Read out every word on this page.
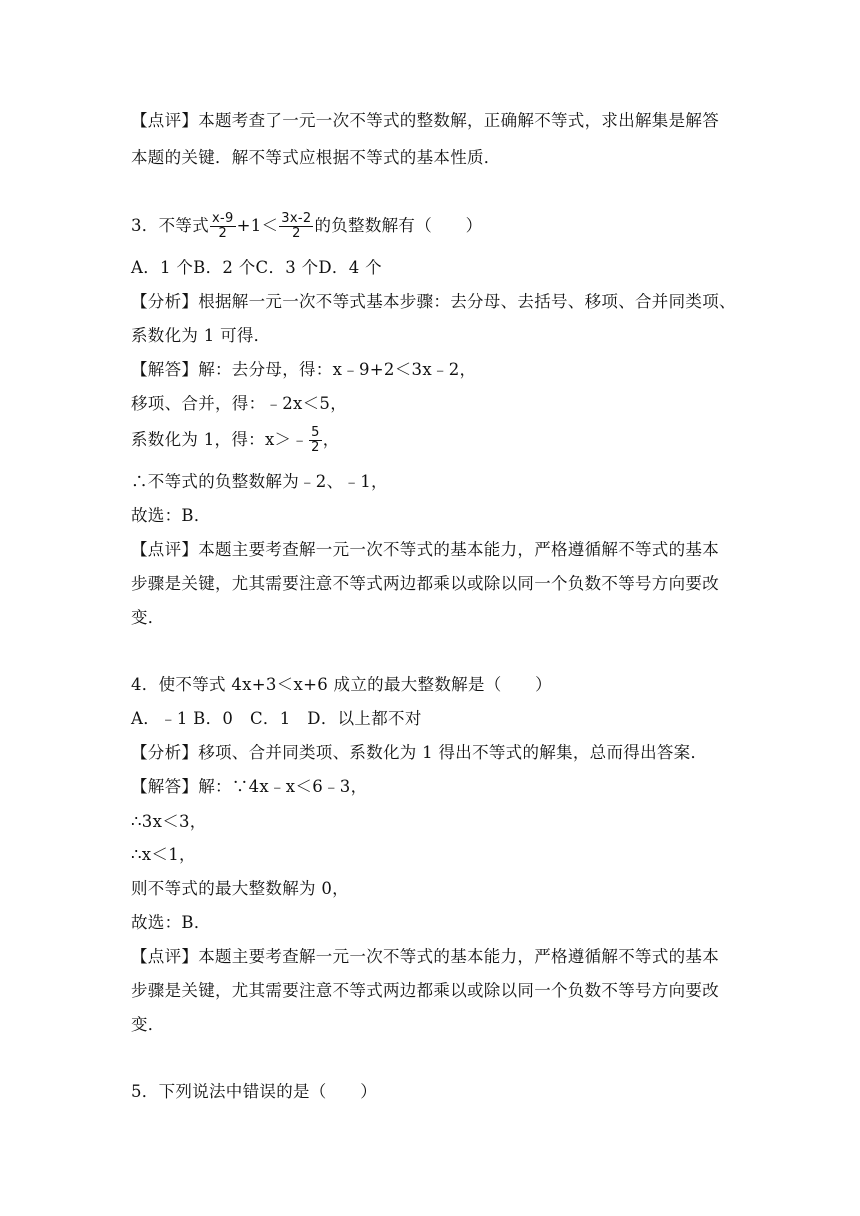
【点评】本题考查了一元一次不等式的整数解，正确解不等式，求出解集是解答
本题的关键．解不等式应根据不等式的基本性质．
3．不等式 $\frac{x-9}{2} +1< \frac{3x-2}{2}$ 的负整数解有（　　）
A．1 个B．2 个C．3 个D．4 个
【分析】根据解一元一次不等式基本步骤：去分母、去括号、移项、合并同类项、
系数化为 1 可得．
【解答】解：去分母，得：x﹣9+2＜3x﹣2，
移项、合并，得：﹣2x＜5，
系数化为 1，得：x＞﹣ $\frac{5}{2}$ ，
∴不等式的负整数解为﹣2、﹣1，
故选：B．
【点评】本题主要考查解一元一次不等式的基本能力，严格遵循解不等式的基本
步骤是关键，尤其需要注意不等式两边都乘以或除以同一个负数不等号方向要改
变．
4．使不等式 4x+3＜x+6 成立的最大整数解是（　　）
A．﹣1 B．0　C．1　D．以上都不对
【分析】移项、合并同类项、系数化为 1 得出不等式的解集，总而得出答案．
【解答】解：∵4x﹣x＜6﹣3，
∴3x＜3，
∴x＜1，
则不等式的最大整数解为 0，
故选：B．
【点评】本题主要考查解一元一次不等式的基本能力，严格遵循解不等式的基本
步骤是关键，尤其需要注意不等式两边都乘以或除以同一个负数不等号方向要改
变．
5．下列说法中错误的是（　　）
